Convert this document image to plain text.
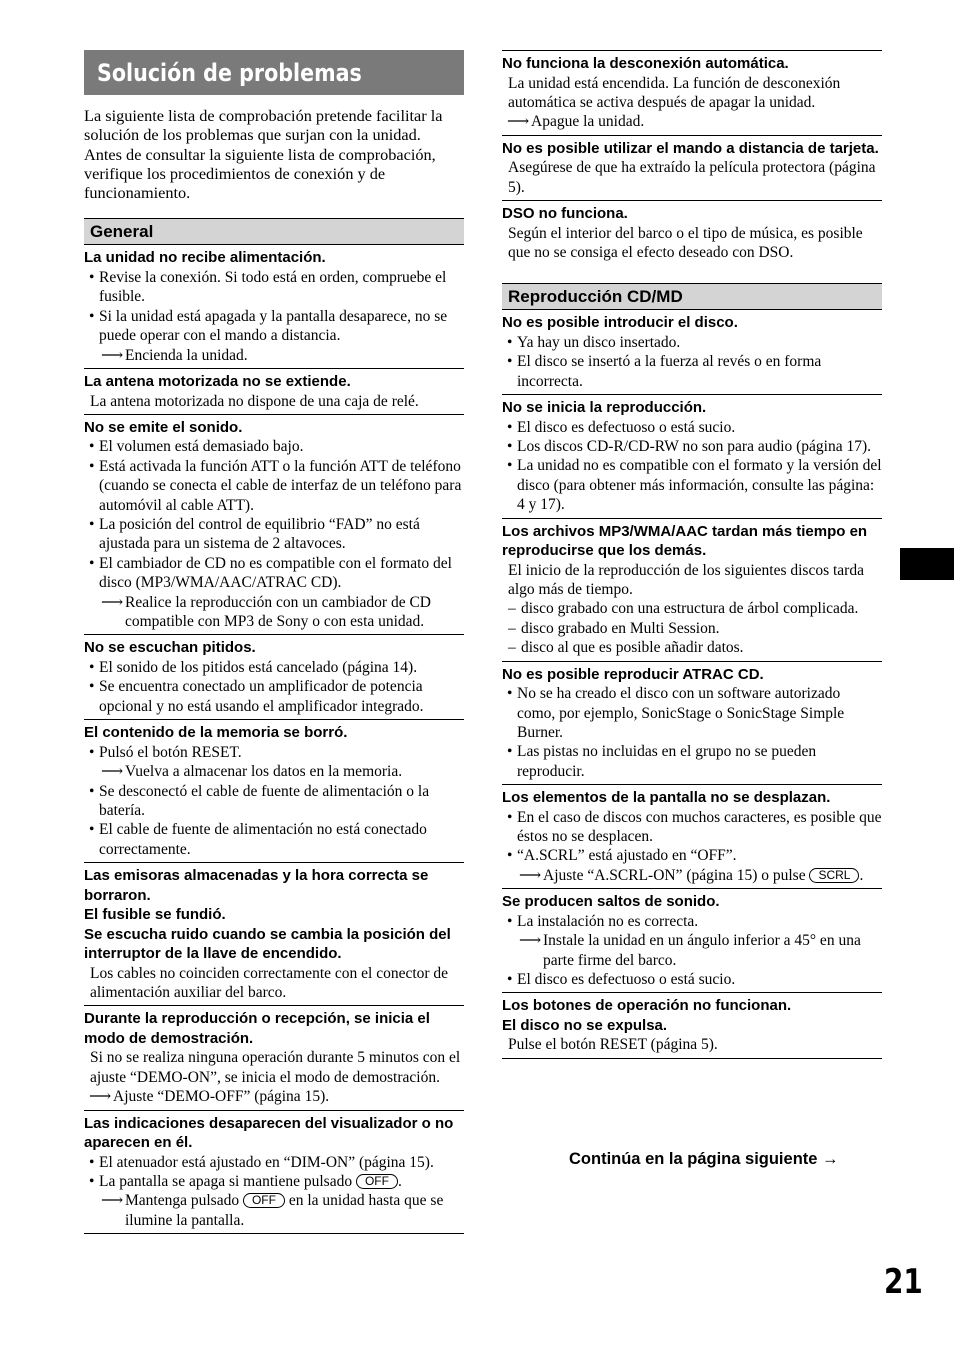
Solución de problemas

La siguiente lista de comprobación pretende facilitar la solución de los problemas que surjan con la unidad.

Antes de consultar la siguiente lista de comprobación, verifique los procedimientos de conexión y de funcionamiento.

General
La unidad no recibe alimentación.
• Revise la conexión. Si todo está en orden, compruebe el fusible.
• Si la unidad está apagada y la pantalla desaparece, no se puede operar con el mando a distancia.
⟶ Encienda la unidad.
La antena motorizada no se extiende.
La antena motorizada no dispone de una caja de relé.
No se emite el sonido.
• El volumen está demasiado bajo.
• Está activada la función ATT o la función ATT de teléfono (cuando se conecta el cable de interfaz de un teléfono para automóvil al cable ATT).
• La posición del control de equilibrio “FAD” no está ajustada para un sistema de 2 altavoces.
• El cambiador de CD no es compatible con el formato del disco (MP3/WMA/AAC/ATRAC CD).
⟶ Realice la reproducción con un cambiador de CD compatible con MP3 de Sony o con esta unidad.
No se escuchan pitidos.
• El sonido de los pitidos está cancelado (página 14).
• Se encuentra conectado un amplificador de potencia opcional y no está usando el amplificador integrado.
El contenido de la memoria se borró.
• Pulsó el botón RESET.
⟶ Vuelva a almacenar los datos en la memoria.
• Se desconectó el cable de fuente de alimentación o la batería.
• El cable de fuente de alimentación no está conectado correctamente.
Las emisoras almacenadas y la hora correcta se borraron.
El fusible se fundió.
Se escucha ruido cuando se cambia la posición del interruptor de la llave de encendido.
Los cables no coinciden correctamente con el conector de alimentación auxiliar del barco.
Durante la reproducción o recepción, se inicia el modo de demostración.
Si no se realiza ninguna operación durante 5 minutos con el ajuste “DEMO-ON”, se inicia el modo de demostración.
⟶ Ajuste “DEMO-OFF” (página 15).
Las indicaciones desaparecen del visualizador o no aparecen en él.
• El atenuador está ajustado en “DIM-ON” (página 15).
• La pantalla se apaga si mantiene pulsado OFF .
⟶ Mantenga pulsado OFF en la unidad hasta que se ilumine la pantalla.
No funciona la desconexión automática.
La unidad está encendida. La función de desconexión automática se activa después de apagar la unidad.
⟶ Apague la unidad.
No es posible utilizar el mando a distancia de tarjeta.
Asegúrese de que ha extraído la película protectora (página 5).
DSO no funciona.
Según el interior del barco o el tipo de música, es posible que no se consiga el efecto deseado con DSO.
Reproducción CD/MD
No es posible introducir el disco.
• Ya hay un disco insertado.
• El disco se insertó a la fuerza al revés o en forma incorrecta.
No se inicia la reproducción.
• El disco es defectuoso o está sucio.
• Los discos CD-R/CD-RW no son para audio (página 17).
• La unidad no es compatible con el formato y la versión del disco (para obtener más información, consulte las página: 4 y 17).
Los archivos MP3/WMA/AAC tardan más tiempo en reproducirse que los demás.
El inicio de la reproducción de los siguientes discos tarda algo más de tiempo.
– disco grabado con una estructura de árbol complicada.
– disco grabado en Multi Session.
– disco al que es posible añadir datos.
No es posible reproducir ATRAC CD.
• No se ha creado el disco con un software autorizado como, por ejemplo, SonicStage o SonicStage Simple Burner.
• Las pistas no incluidas en el grupo no se pueden reproducir.
Los elementos de la pantalla no se desplazan.
• En el caso de discos con muchos caracteres, es posible que éstos no se desplacen.
• “A.SCRL” está ajustado en “OFF”.
⟶ Ajuste “A.SCRL-ON” (página 15) o pulse SCRL .
Se producen saltos de sonido.
• La instalación no es correcta.
⟶ Instale la unidad en un ángulo inferior a 45° en una parte firme del barco.
• El disco es defectuoso o está sucio.
Los botones de operación no funcionan.
El disco no se expulsa.
Pulse el botón RESET (página 5).
Continúa en la página siguiente →
21
